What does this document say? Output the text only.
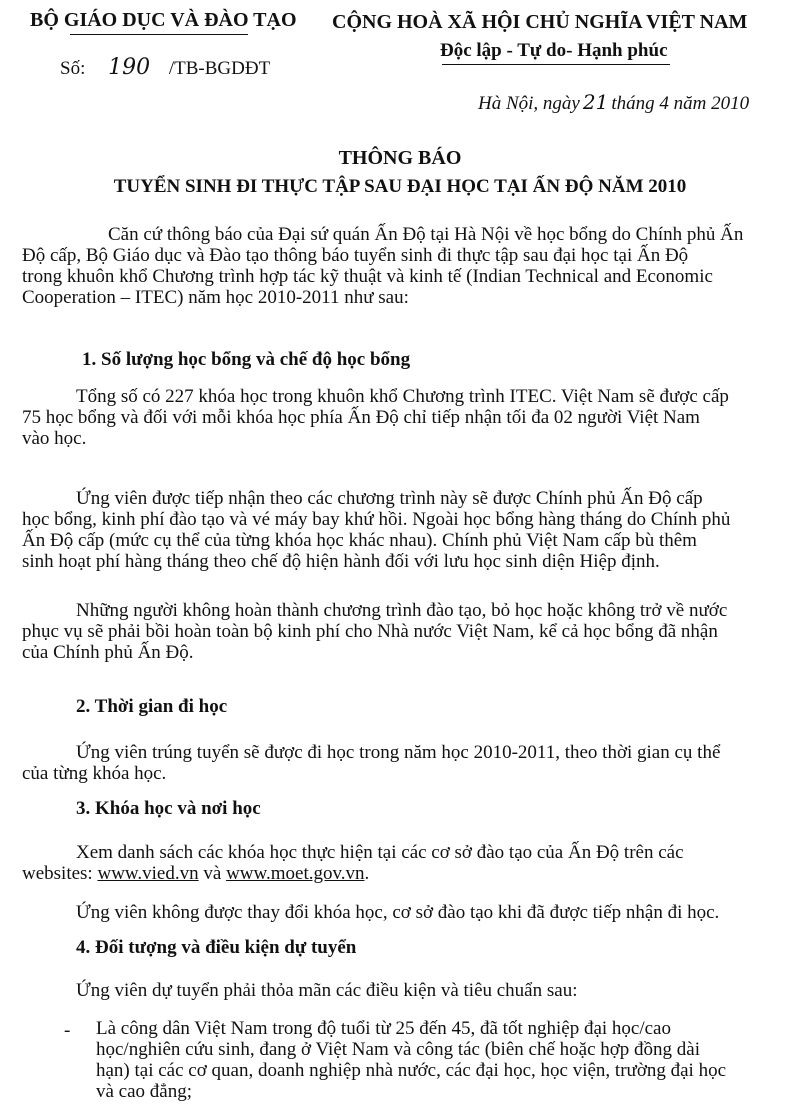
BỘ GIÁO DỤC VÀ ĐÀO TẠO CỘNG HOÀ XÃ HỘI CHỦ NGHĨA VIỆT NAM
Độc lập - Tự do- Hạnh phúc
Số: 190 /TB-BGDĐT
Hà Nội, ngày 21 tháng 4 năm 2010
THÔNG BÁO
TUYỂN SINH ĐI THỰC TẬP SAU ĐẠI HỌC TẠI ẤN ĐỘ NĂM 2010
Căn cứ thông báo của Đại sứ quán Ấn Độ tại Hà Nội về học bổng do Chính phủ Ấn
Độ cấp, Bộ Giáo dục và Đào tạo thông báo tuyển sinh đi thực tập sau đại học tại Ấn Độ
trong khuôn khổ Chương trình hợp tác kỹ thuật và kinh tế (Indian Technical and Economic
Cooperation – ITEC) năm học 2010-2011 như sau:
1. Số lượng học bổng và chế độ học bổng
Tổng số có 227 khóa học trong khuôn khổ Chương trình ITEC. Việt Nam sẽ được cấp
75 học bổng và đối với mỗi khóa học phía Ấn Độ chỉ tiếp nhận tối đa 02 người Việt Nam
vào học.
Ứng viên được tiếp nhận theo các chương trình này sẽ được Chính phủ Ấn Độ cấp
học bổng, kinh phí đào tạo và vé máy bay khứ hồi. Ngoài học bổng hàng tháng do Chính phủ
Ấn Độ cấp (mức cụ thể của từng khóa học khác nhau). Chính phủ Việt Nam cấp bù thêm
sinh hoạt phí hàng tháng theo chế độ hiện hành đối với lưu học sinh diện Hiệp định.
Những người không hoàn thành chương trình đào tạo, bỏ học hoặc không trở về nước
phục vụ sẽ phải bồi hoàn toàn bộ kinh phí cho Nhà nước Việt Nam, kể cả học bổng đã nhận
của Chính phủ Ấn Độ.
2. Thời gian đi học
Ứng viên trúng tuyển sẽ được đi học trong năm học 2010-2011, theo thời gian cụ thể
của từng khóa học.
3. Khóa học và nơi học
Xem danh sách các khóa học thực hiện tại các cơ sở đào tạo của Ấn Độ trên các
websites: www.vied.vn và www.moet.gov.vn.
Ứng viên không được thay đổi khóa học, cơ sở đào tạo khi đã được tiếp nhận đi học.
4. Đối tượng và điều kiện dự tuyển
Ứng viên dự tuyển phải thỏa mãn các điều kiện và tiêu chuẩn sau:
- Là công dân Việt Nam trong độ tuổi từ 25 đến 45, đã tốt nghiệp đại học/cao
học/nghiên cứu sinh, đang ở Việt Nam và công tác (biên chế hoặc hợp đồng dài
hạn) tại các cơ quan, doanh nghiệp nhà nước, các đại học, học viện, trường đại học
và cao đẳng;
